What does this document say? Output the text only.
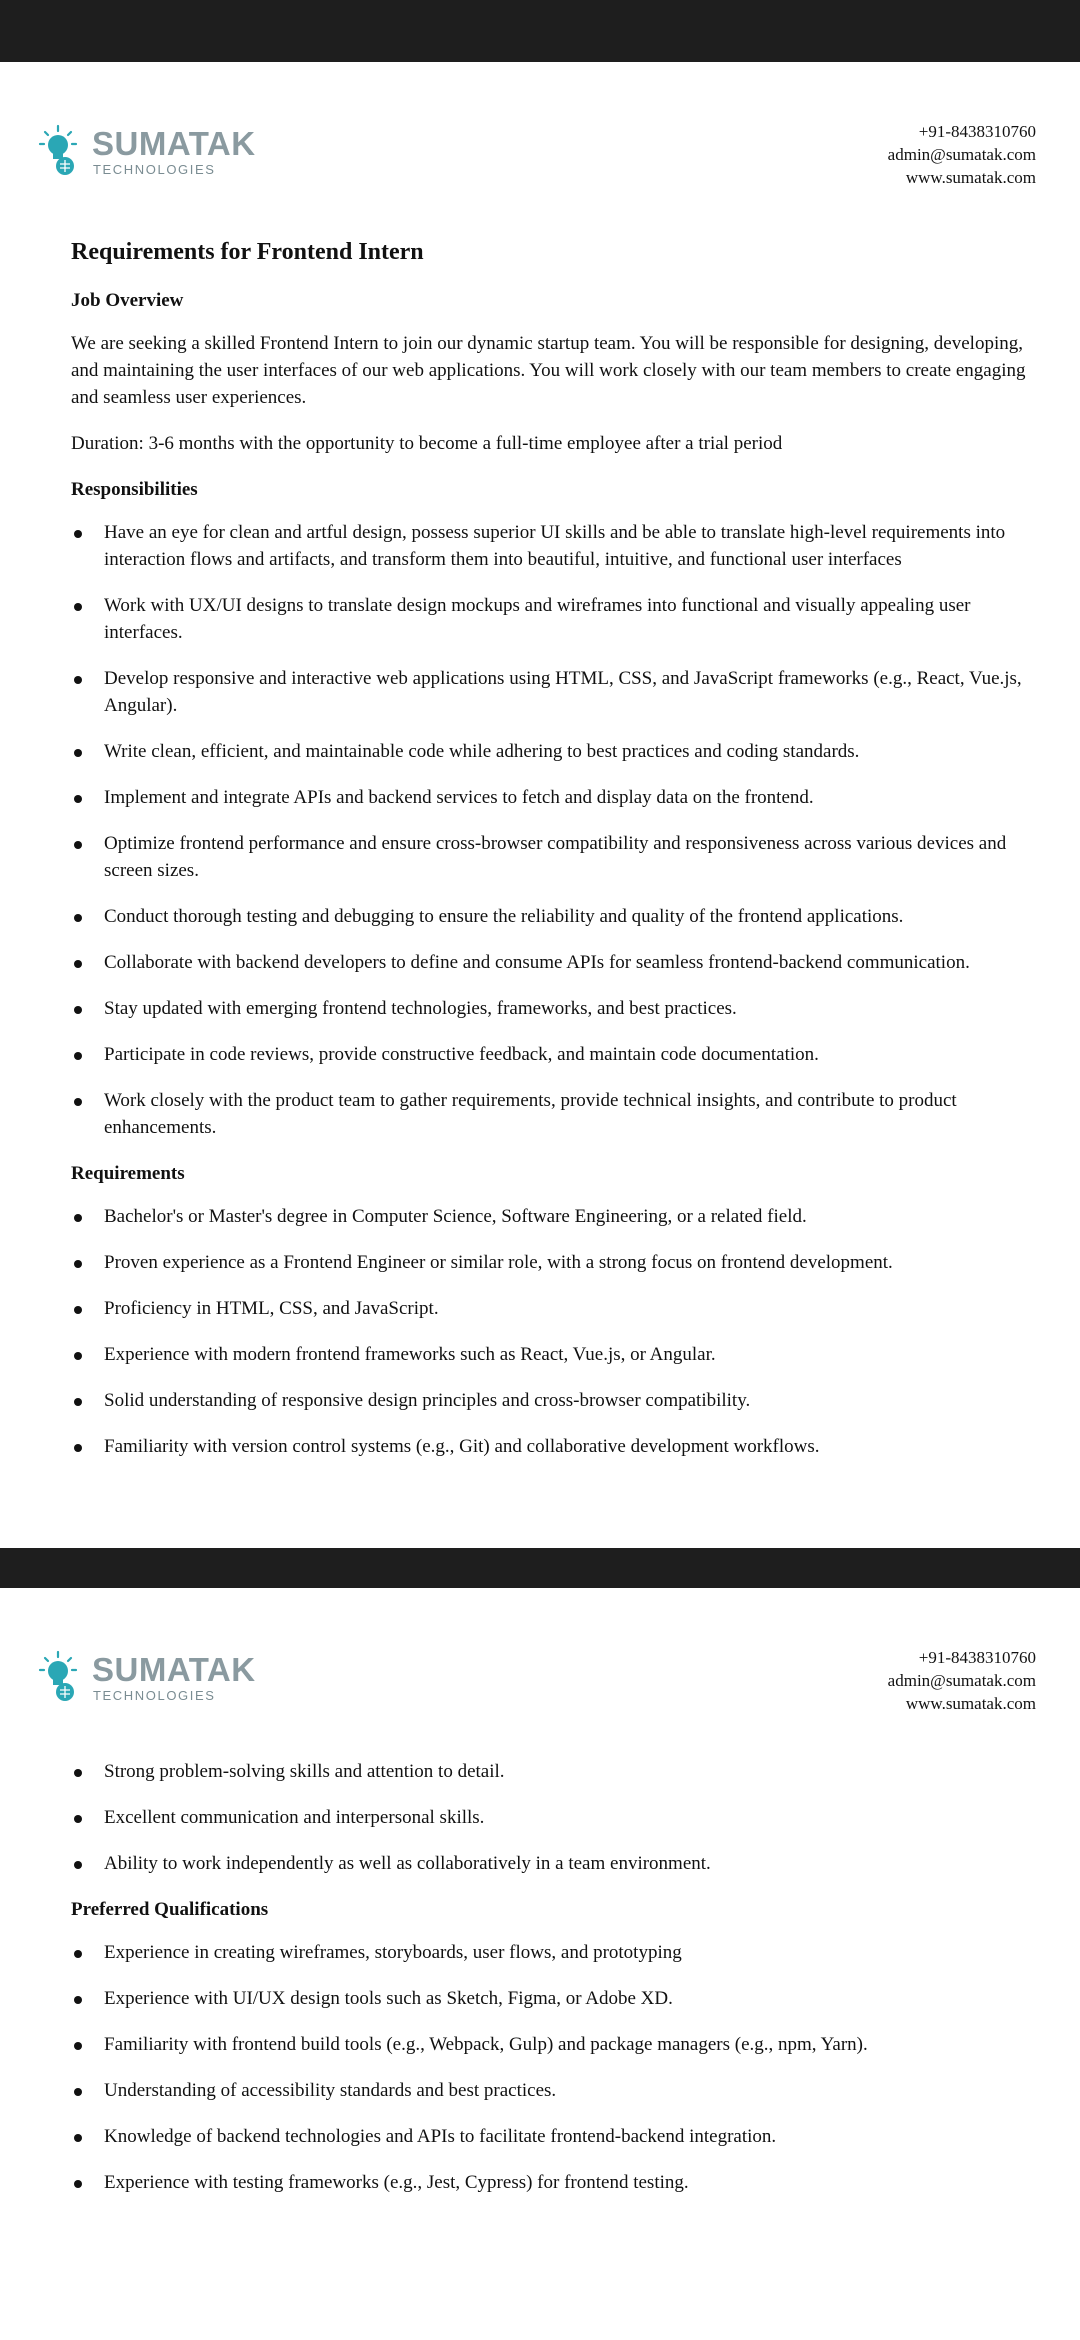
SUMATAK
TECHNOLOGIES
+91-8438310760
admin@sumatak.com
www.sumatak.com
Requirements for Frontend Intern
Job Overview

We are seeking a skilled Frontend Intern to join our dynamic startup team. You will be responsible for designing, developing, and maintaining the user interfaces of our web applications. You will work closely with our team members to create engaging and seamless user experiences.

Duration: 3-6 months with the opportunity to become a full-time employee after a trial period

Responsibilities
Have an eye for clean and artful design, possess superior UI skills and be able to translate high-level requirements into interaction flows and artifacts, and transform them into beautiful, intuitive, and functional user interfaces
Work with UX/UI designs to translate design mockups and wireframes into functional and visually appealing user interfaces.
Develop responsive and interactive web applications using HTML, CSS, and JavaScript frameworks (e.g., React, Vue.js, Angular).
Write clean, efficient, and maintainable code while adhering to best practices and coding standards.
Implement and integrate APIs and backend services to fetch and display data on the frontend.
Optimize frontend performance and ensure cross-browser compatibility and responsiveness across various devices and screen sizes.
Conduct thorough testing and debugging to ensure the reliability and quality of the frontend applications.
Collaborate with backend developers to define and consume APIs for seamless frontend-backend communication.
Stay updated with emerging frontend technologies, frameworks, and best practices.
Participate in code reviews, provide constructive feedback, and maintain code documentation.
Work closely with the product team to gather requirements, provide technical insights, and contribute to product enhancements.
Requirements
Bachelor's or Master's degree in Computer Science, Software Engineering, or a related field.
Proven experience as a Frontend Engineer or similar role, with a strong focus on frontend development.
Proficiency in HTML, CSS, and JavaScript.
Experience with modern frontend frameworks such as React, Vue.js, or Angular.
Solid understanding of responsive design principles and cross-browser compatibility.
Familiarity with version control systems (e.g., Git) and collaborative development workflows.
SUMATAK
TECHNOLOGIES
+91-8438310760
admin@sumatak.com
www.sumatak.com
Strong problem-solving skills and attention to detail.
Excellent communication and interpersonal skills.
Ability to work independently as well as collaboratively in a team environment.
Preferred Qualifications
Experience in creating wireframes, storyboards, user flows, and prototyping
Experience with UI/UX design tools such as Sketch, Figma, or Adobe XD.
Familiarity with frontend build tools (e.g., Webpack, Gulp) and package managers (e.g., npm, Yarn).
Understanding of accessibility standards and best practices.
Knowledge of backend technologies and APIs to facilitate frontend-backend integration.
Experience with testing frameworks (e.g., Jest, Cypress) for frontend testing.
